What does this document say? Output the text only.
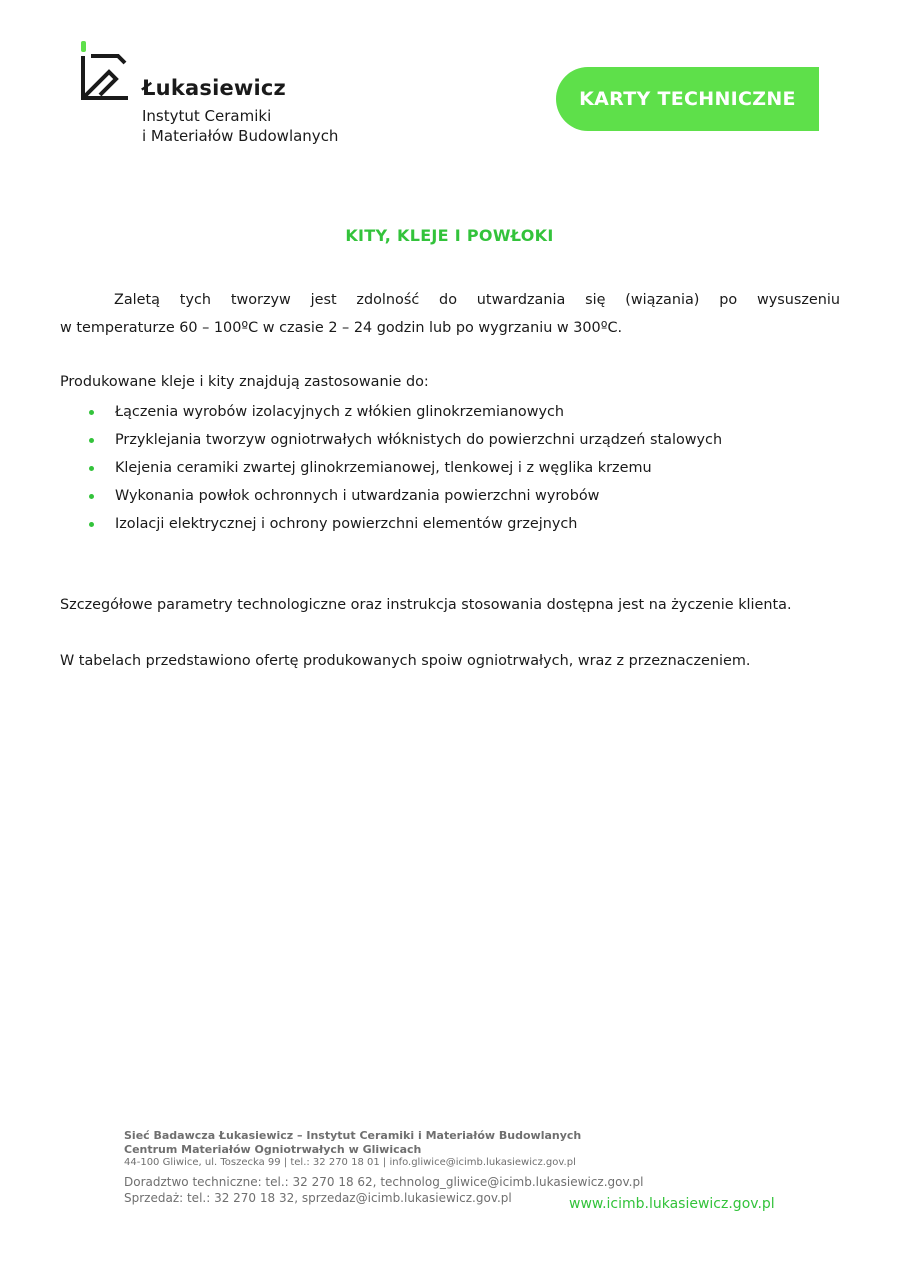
Łukasiewicz
Instytut Ceramiki
i Materiałów Budowlanych
KARTY TECHNICZNE
KITY, KLEJE I POWŁOKI
Zaletą tych tworzyw jest zdolność do utwardzania się (wiązania) po wysuszeniu
w temperaturze 60 – 100ºC w czasie 2 – 24 godzin lub po wygrzaniu w 300ºC.
Produkowane kleje i kity znajdują zastosowanie do:
Łączenia wyrobów izolacyjnych z włókien glinokrzemianowych
Przyklejania tworzyw ogniotrwałych włóknistych do powierzchni urządzeń stalowych
Klejenia ceramiki zwartej glinokrzemianowej, tlenkowej i z węglika krzemu
Wykonania powłok ochronnych i utwardzania powierzchni wyrobów
Izolacji elektrycznej i ochrony powierzchni elementów grzejnych
Szczegółowe parametry technologiczne oraz instrukcja stosowania dostępna jest na życzenie klienta.
W tabelach przedstawiono ofertę produkowanych spoiw ogniotrwałych, wraz z przeznaczeniem.
Sieć Badawcza Łukasiewicz – Instytut Ceramiki i Materiałów Budowlanych
Centrum Materiałów Ogniotrwałych w Gliwicach
44-100 Gliwice, ul. Toszecka 99 | tel.: 32 270 18 01 | info.gliwice@icimb.lukasiewicz.gov.pl
Doradztwo techniczne: tel.: 32 270 18 62, technolog_gliwice@icimb.lukasiewicz.gov.pl
Sprzedaż: tel.: 32 270 18 32, sprzedaz@icimb.lukasiewicz.gov.pl	www.icimb.lukasiewicz.gov.pl
